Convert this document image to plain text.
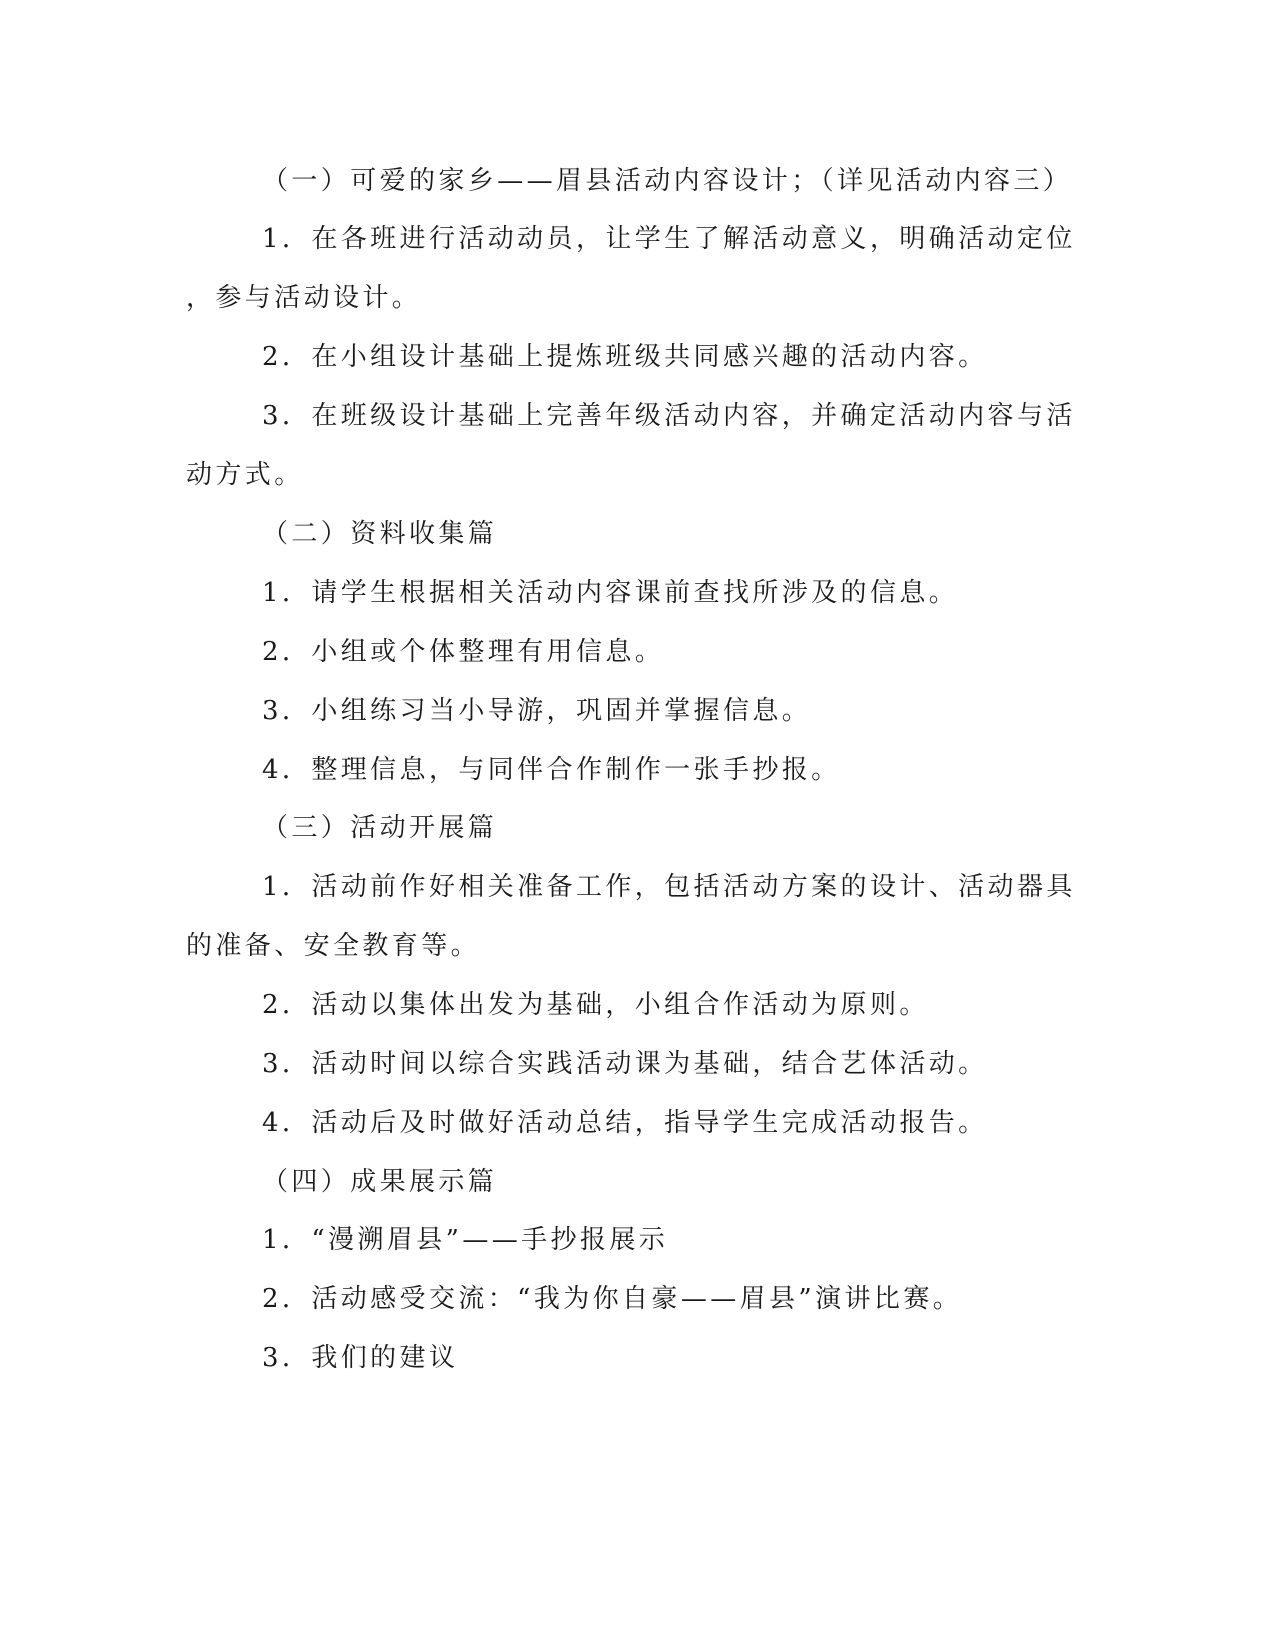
（一）可爱的家乡——眉县活动内容设计；（详见活动内容三）
1．在各班进行活动动员，让学生了解活动意义，明确活动定位
，参与活动设计。
2．在小组设计基础上提炼班级共同感兴趣的活动内容。
3．在班级设计基础上完善年级活动内容，并确定活动内容与活
动方式。
（二）资料收集篇
1．请学生根据相关活动内容课前查找所涉及的信息。
2．小组或个体整理有用信息。
3．小组练习当小导游，巩固并掌握信息。
4．整理信息，与同伴合作制作一张手抄报。
（三）活动开展篇
1．活动前作好相关准备工作，包括活动方案的设计、活动器具
的准备、安全教育等。
2．活动以集体出发为基础，小组合作活动为原则。
3．活动时间以综合实践活动课为基础，结合艺体活动。
4．活动后及时做好活动总结，指导学生完成活动报告。
（四）成果展示篇
1．“漫溯眉县”——手抄报展示
2．活动感受交流：“我为你自豪——眉县”演讲比赛。
3．我们的建议
